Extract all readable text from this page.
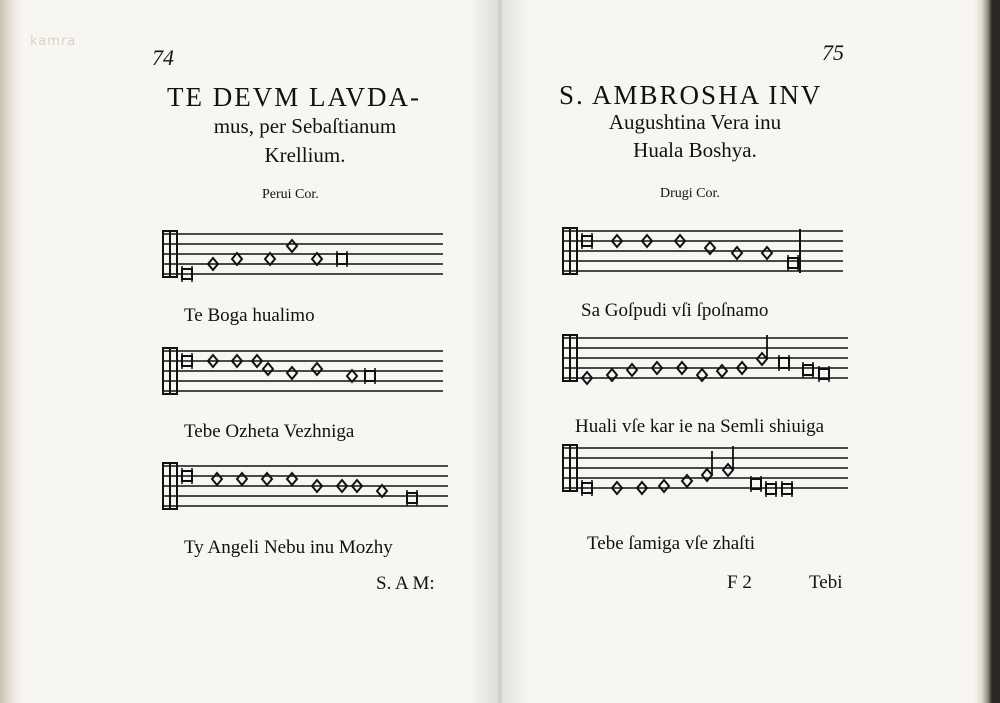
kamra
74
TE DEVM LAVDA-
mus, per Sebaſtianum
Krellium.
Perui Cor.
Te Boga hualimo
Tebe Ozheta Vezhniga
Ty Angeli Nebu inu Mozhy
S. A M:
75
S. AMBROSHA INV
Augushtina Vera inu
Huala Boshya.
Drugi Cor.
Sa Goſpudi vſi ſpoſnamo
Huali vſe kar ie na Semli shiuiga
Tebe ſamiga vſe zhaſti
F 2	Tebi
